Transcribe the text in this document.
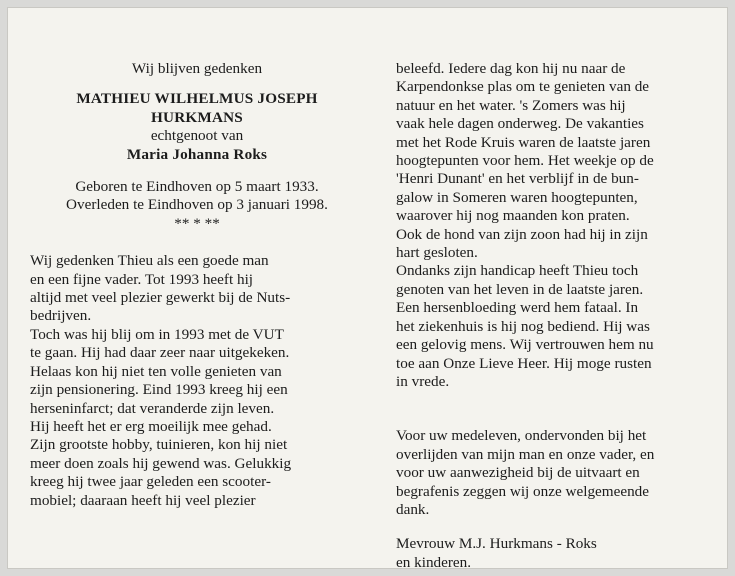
Wij blijven gedenken

MATHIEU WILHELMUS JOSEPH
HURKMANS

echtgenoot van

Maria Johanna Roks

Geboren te Eindhoven op 5 maart 1933.
Overleden te Eindhoven op 3 januari 1998.

** * **

Wij gedenken Thieu als een goede man
en een fijne vader. Tot 1993 heeft hij
altijd met veel plezier gewerkt bij de Nuts-
bedrijven.
Toch was hij blij om in 1993 met de VUT
te gaan. Hij had daar zeer naar uitgekeken.
Helaas kon hij niet ten volle genieten van
zijn pensionering. Eind 1993 kreeg hij een
herseninfarct; dat veranderde zijn leven.
Hij heeft het er erg moeilijk mee gehad.
Zijn grootste hobby, tuinieren, kon hij niet
meer doen zoals hij gewend was. Gelukkig
kreeg hij twee jaar geleden een scooter-
mobiel; daaraan heeft hij veel plezier
beleefd. Iedere dag kon hij nu naar de
Karpendonkse plas om te genieten van de
natuur en het water. 's Zomers was hij
vaak hele dagen onderweg. De vakanties
met het Rode Kruis waren de laatste jaren
hoogtepunten voor hem. Het weekje op de
'Henri Dunant' en het verblijf in de bun-
galow in Someren waren hoogtepunten,
waarover hij nog maanden kon praten.
Ook de hond van zijn zoon had hij in zijn
hart gesloten.
Ondanks zijn handicap heeft Thieu toch
genoten van het leven in de laatste jaren.
Een hersenbloeding werd hem fataal. In
het ziekenhuis is hij nog bediend. Hij was
een gelovig mens. Wij vertrouwen hem nu
toe aan Onze Lieve Heer. Hij moge rusten
in vrede.
Voor uw medeleven, ondervonden bij het
overlijden van mijn man en onze vader, en
voor uw aanwezigheid bij de uitvaart en
begrafenis zeggen wij onze welgemeende
dank.
Mevrouw M.J. Hurkmans - Roks
en kinderen.
